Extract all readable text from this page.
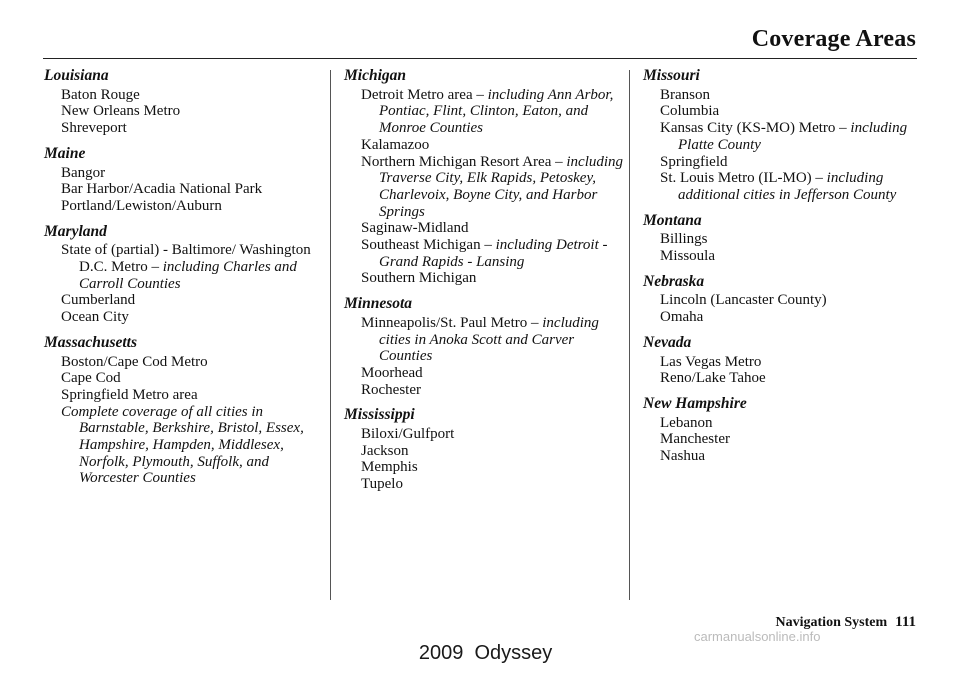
Coverage Areas
Louisiana
Baton Rouge
New Orleans Metro
Shreveport
Maine
Bangor
Bar Harbor/Acadia National Park
Portland/Lewiston/Auburn
Maryland
State of (partial) - Baltimore/ Washington D.C. Metro – including Charles and Carroll Counties
Cumberland
Ocean City
Massachusetts
Boston/Cape Cod Metro
Cape Cod
Springfield Metro area
Complete coverage of all cities in Barnstable, Berkshire, Bristol, Essex, Hampshire, Hampden, Middlesex, Norfolk, Plymouth, Suffolk, and Worcester Counties
Michigan
Detroit Metro area – including Ann Arbor, Pontiac, Flint, Clinton, Eaton, and Monroe Counties
Kalamazoo
Northern Michigan Resort Area – including Traverse City, Elk Rapids, Petoskey, Charlevoix, Boyne City, and Harbor Springs
Saginaw-Midland
Southeast Michigan – including Detroit - Grand Rapids - Lansing
Southern Michigan
Minnesota
Minneapolis/St. Paul Metro – including cities in Anoka Scott and Carver Counties
Moorhead
Rochester
Mississippi
Biloxi/Gulfport
Jackson
Memphis
Tupelo
Missouri
Branson
Columbia
Kansas City (KS-MO) Metro – including Platte County
Springfield
St. Louis Metro (IL-MO) – including additional cities in Jefferson County
Montana
Billings
Missoula
Nebraska
Lincoln (Lancaster County)
Omaha
Nevada
Las Vegas Metro
Reno/Lake Tahoe
New Hampshire
Lebanon
Manchester
Nashua
Navigation System 111

2009  Odyssey

carmanualsonline.info
